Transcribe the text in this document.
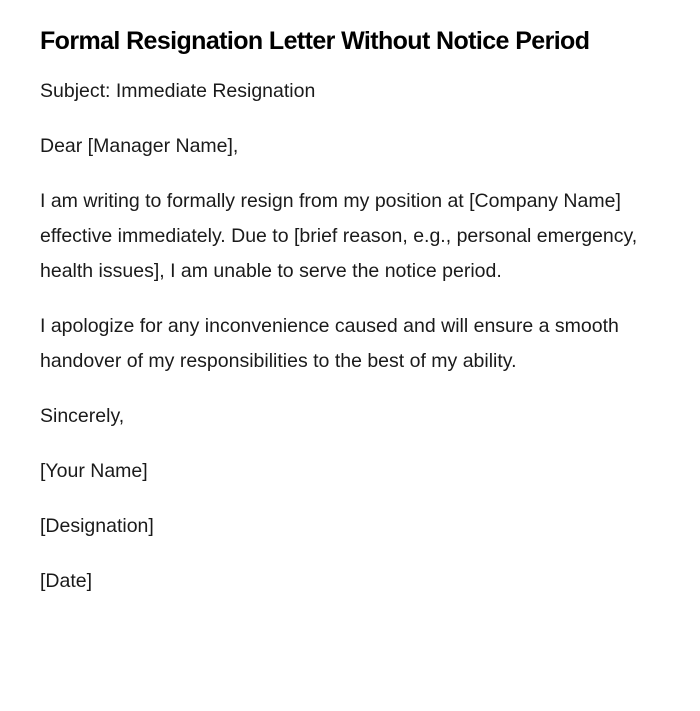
Formal Resignation Letter Without Notice Period

Subject: Immediate Resignation

Dear [Manager Name],

I am writing to formally resign from my position at [Company Name] effective immediately. Due to [brief reason, e.g., personal emergency, health issues], I am unable to serve the notice period.

I apologize for any inconvenience caused and will ensure a smooth handover of my responsibilities to the best of my ability.

Sincerely,

[Your Name]

[Designation]

[Date]
